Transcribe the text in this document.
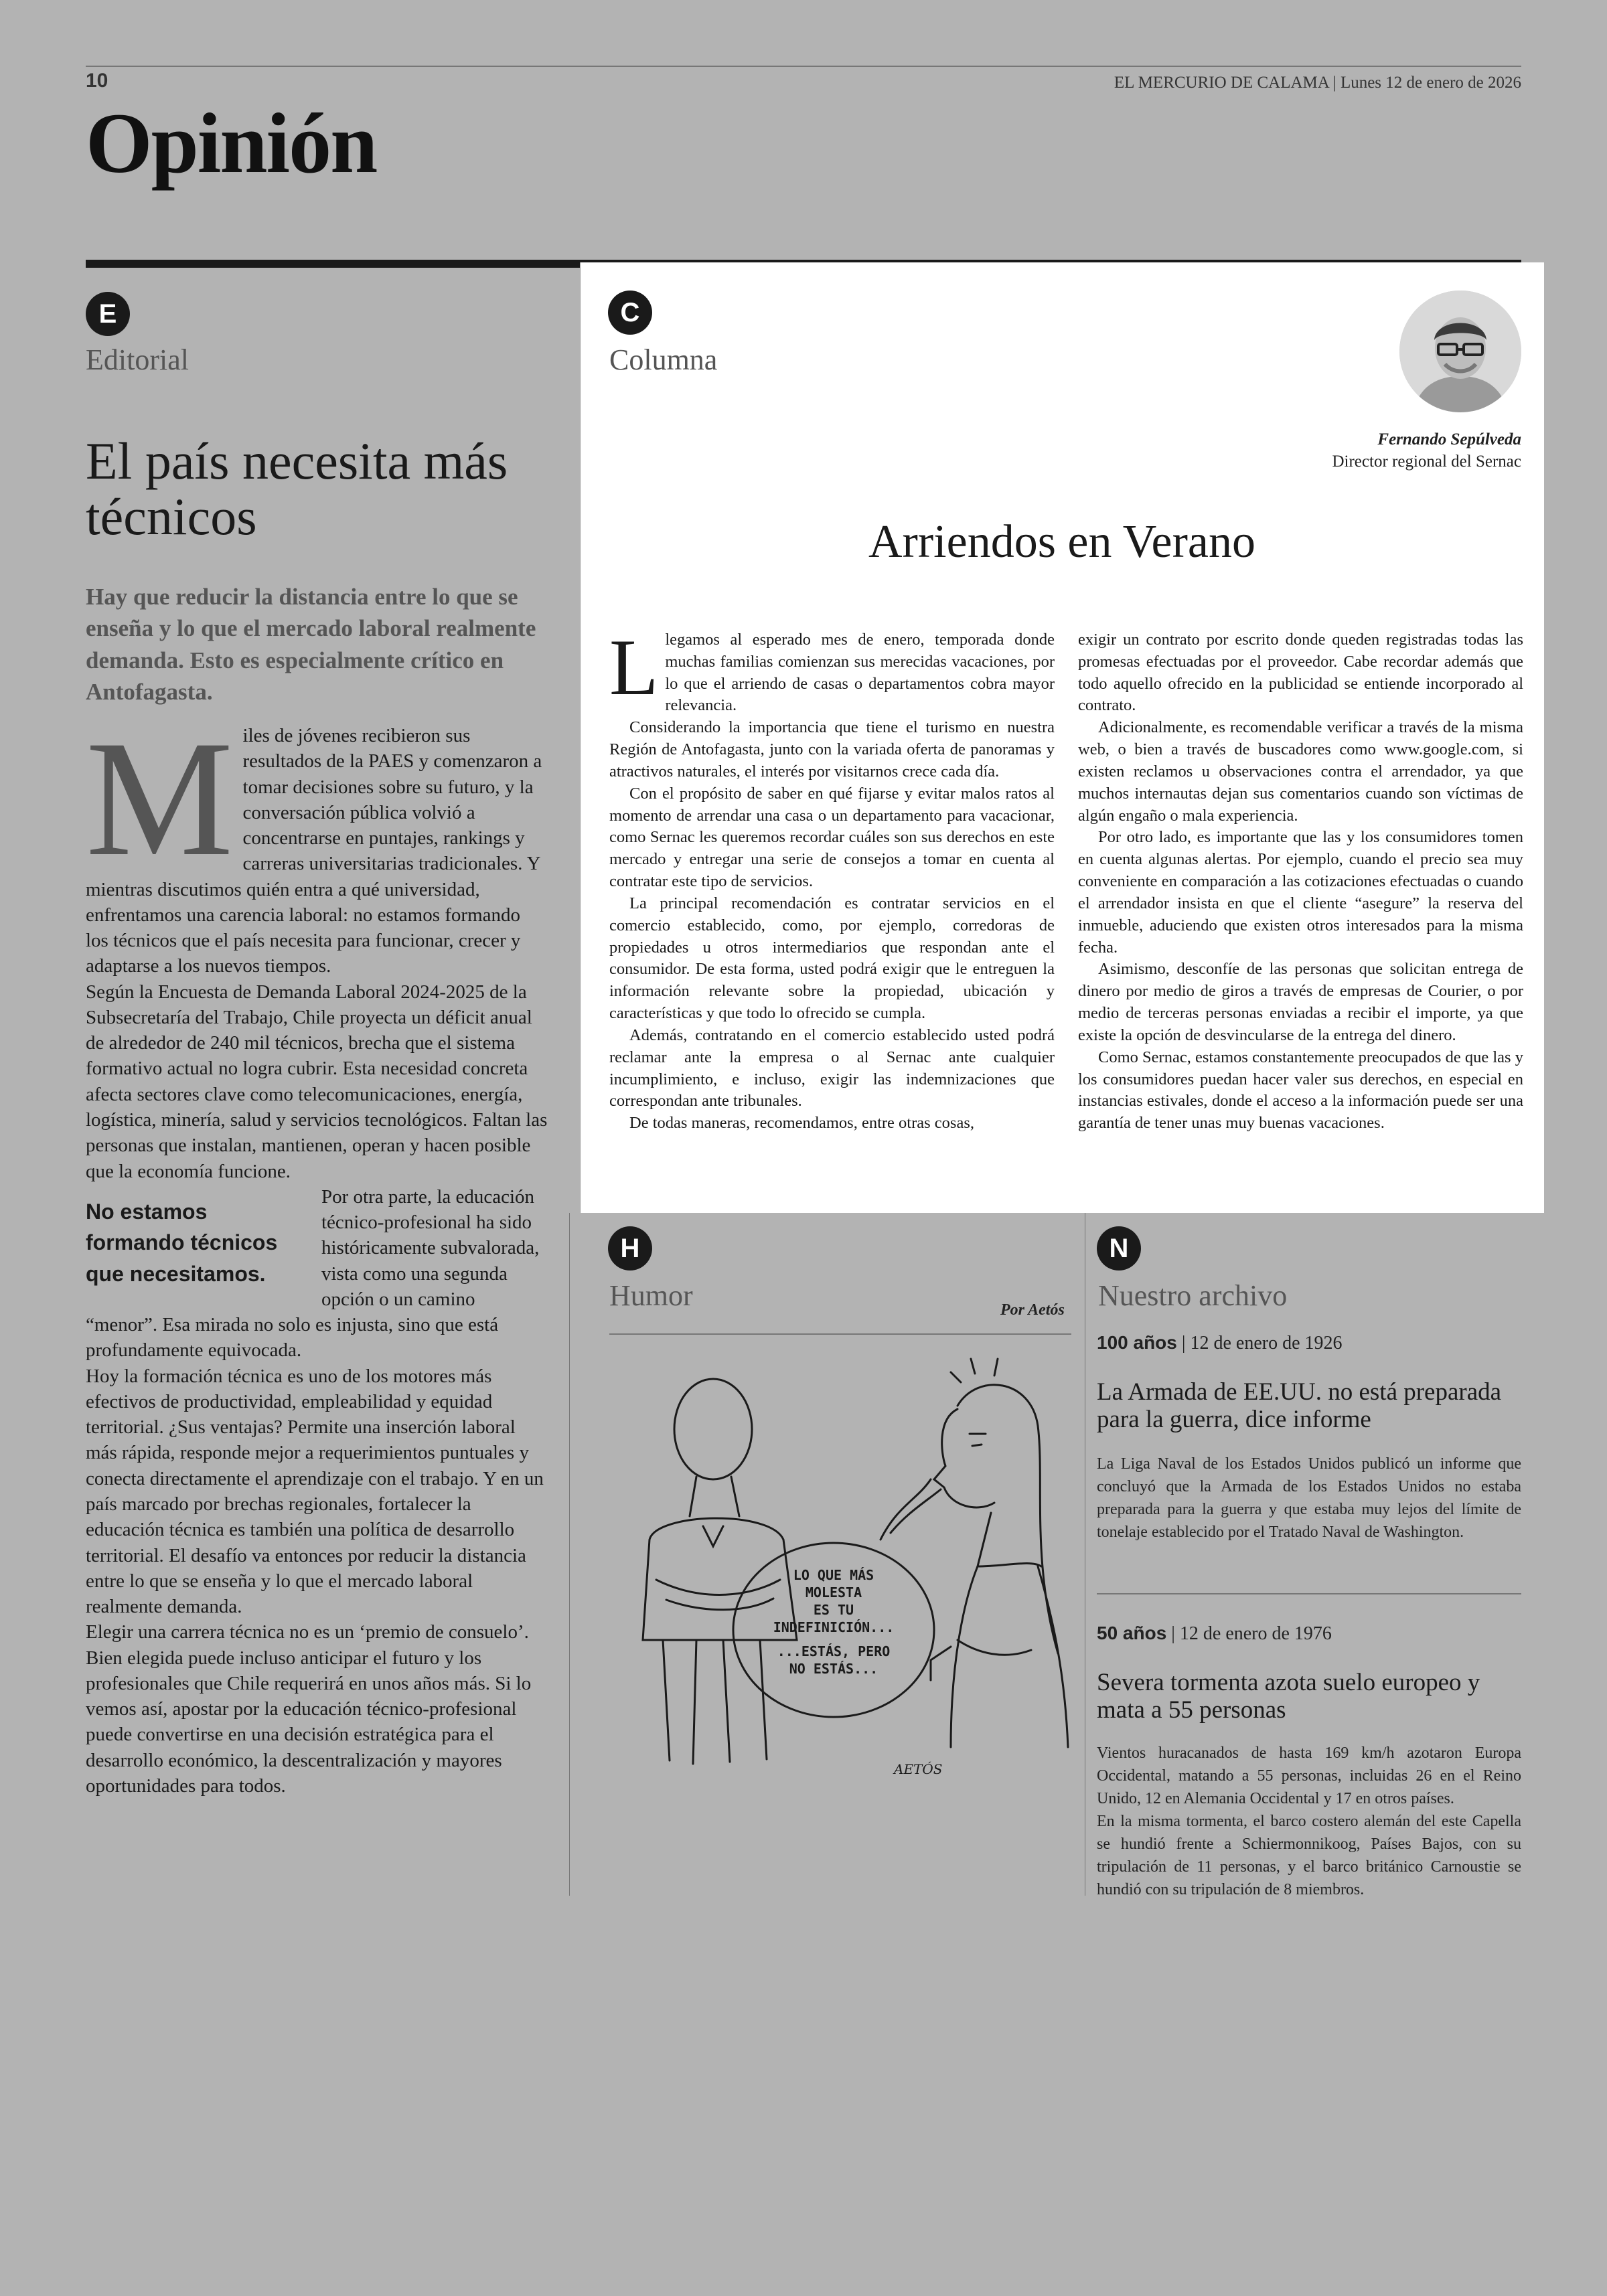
10	EL MERCURIO DE CALAMA | Lunes 12 de enero de 2026
Opinión
E
Editorial
El país necesita más técnicos
Hay que reducir la distancia entre lo que se enseña y lo que el mercado laboral realmente demanda. Esto es especialmente crítico en Antofagasta.

Miles de jóvenes recibieron sus resultados de la PAES y comenzaron a tomar decisiones sobre su futuro, y la conversación pública volvió a concentrarse en puntajes, rankings y carreras universitarias tradicionales. Y mientras discutimos quién entra a qué universidad, enfrentamos una carencia laboral: no estamos formando los técnicos que el país necesita para funcionar, crecer y adaptarse a los nuevos tiempos.

Según la Encuesta de Demanda Laboral 2024-2025 de la Subsecretaría del Trabajo, Chile proyecta un déficit anual de alrededor de 240 mil técnicos, brecha que el sistema formativo actual no logra cubrir. Esta necesidad concreta afecta sectores clave como telecomunicaciones, energía, logística, minería, salud y servicios tecnológicos. Faltan las personas que instalan, mantienen, operan y hacen posible que la economía funcione.

No estamos formando técnicos que necesitamos.
Por otra parte, la educación técnico-profesional ha sido históricamente subvalorada, vista como una segunda opción o un camino “menor”. Esa mirada no solo es injusta, sino que está profundamente equivocada.

Hoy la formación técnica es uno de los motores más efectivos de productividad, empleabilidad y equidad territorial. ¿Sus ventajas? Permite una inserción laboral más rápida, responde mejor a requerimientos puntuales y conecta directamente el aprendizaje con el trabajo. Y en un país marcado por brechas regionales, fortalecer la educación técnica es también una política de desarrollo territorial. El desafío va entonces por reducir la distancia entre lo que se enseña y lo que el mercado laboral realmente demanda.

Elegir una carrera técnica no es un ‘premio de consuelo’. Bien elegida puede incluso anticipar el futuro y los profesionales que Chile requerirá en unos años más. Si lo vemos así, apostar por la educación técnico-profesional puede convertirse en una decisión estratégica para el desarrollo económico, la descentralización y mayores oportunidades para todos.

C
Columna
Fernando Sepúlveda
Director regional del Sernac
Arriendos en Verano

Llegamos al esperado mes de enero, temporada donde muchas familias comienzan sus merecidas vacaciones, por lo que el arriendo de casas o departamentos cobra mayor relevancia.

Considerando la importancia que tiene el turismo en nuestra Región de Antofagasta, junto con la variada oferta de panoramas y atractivos naturales, el interés por visitarnos crece cada día.

Con el propósito de saber en qué fijarse y evitar malos ratos al momento de arrendar una casa o un departamento para vacacionar, como Sernac les queremos recordar cuáles son sus derechos en este mercado y entregar una serie de consejos a tomar en cuenta al contratar este tipo de servicios.

La principal recomendación es contratar servicios en el comercio establecido, como, por ejemplo, corredoras de propiedades u otros intermediarios que respondan ante el consumidor. De esta forma, usted podrá exigir que le entreguen la información relevante sobre la propiedad, ubicación y características y que todo lo ofrecido se cumpla.

Además, contratando en el comercio establecido usted podrá reclamar ante la empresa o al Sernac ante cualquier incumplimiento, e incluso, exigir las indemnizaciones que correspondan ante tribunales.

De todas maneras, recomendamos, entre otras cosas,

exigir un contrato por escrito donde queden registradas todas las promesas efectuadas por el proveedor. Cabe recordar además que todo aquello ofrecido en la publicidad se entiende incorporado al contrato.

Adicionalmente, es recomendable verificar a través de la misma web, o bien a través de buscadores como www.google.com, si existen reclamos u observaciones contra el arrendador, ya que muchos internautas dejan sus comentarios cuando son víctimas de algún engaño o mala experiencia.

Por otro lado, es importante que las y los consumidores tomen en cuenta algunas alertas. Por ejemplo, cuando el precio sea muy conveniente en comparación a las cotizaciones efectuadas o cuando el arrendador insista en que el cliente “asegure” la reserva del inmueble, aduciendo que existen otros interesados para la misma fecha.

Asimismo, desconfíe de las personas que solicitan entrega de dinero por medio de giros a través de empresas de Courier, o por medio de terceras personas enviadas a recibir el importe, ya que existe la opción de desvincularse de la entrega del dinero.

Como Sernac, estamos constantemente preocupados de que las y los consumidores puedan hacer valer sus derechos, en especial en instancias estivales, donde el acceso a la información puede ser una garantía de tener unas muy buenas vacaciones.

H
Humor	Por Aetós
LO QUE MÁS
MOLESTA
ES TU
INDEFINICIÓN...
...ESTÁS, PERO
NO ESTÁS...
AETÓS
N
Nuestro archivo
100 años | 12 de enero de 1926
La Armada de EE.UU. no está preparada para la guerra, dice informe

La Liga Naval de los Estados Unidos publicó un informe que concluyó que la Armada de los Estados Unidos no estaba preparada para la guerra y que estaba muy lejos del límite de tonelaje establecido por el Tratado Naval de Washington.

50 años | 12 de enero de 1976
Severa tormenta azota suelo europeo y mata a 55 personas

Vientos huracanados de hasta 169 km/h azotaron Europa Occidental, matando a 55 personas, incluidas 26 en el Reino Unido, 12 en Alemania Occidental y 17 en otros países.

En la misma tormenta, el barco costero alemán del este Capella se hundió frente a Schiermonnikoog, Países Bajos, con su tripulación de 11 personas, y el barco británico Carnoustie se hundió con su tripulación de 8 miembros.
